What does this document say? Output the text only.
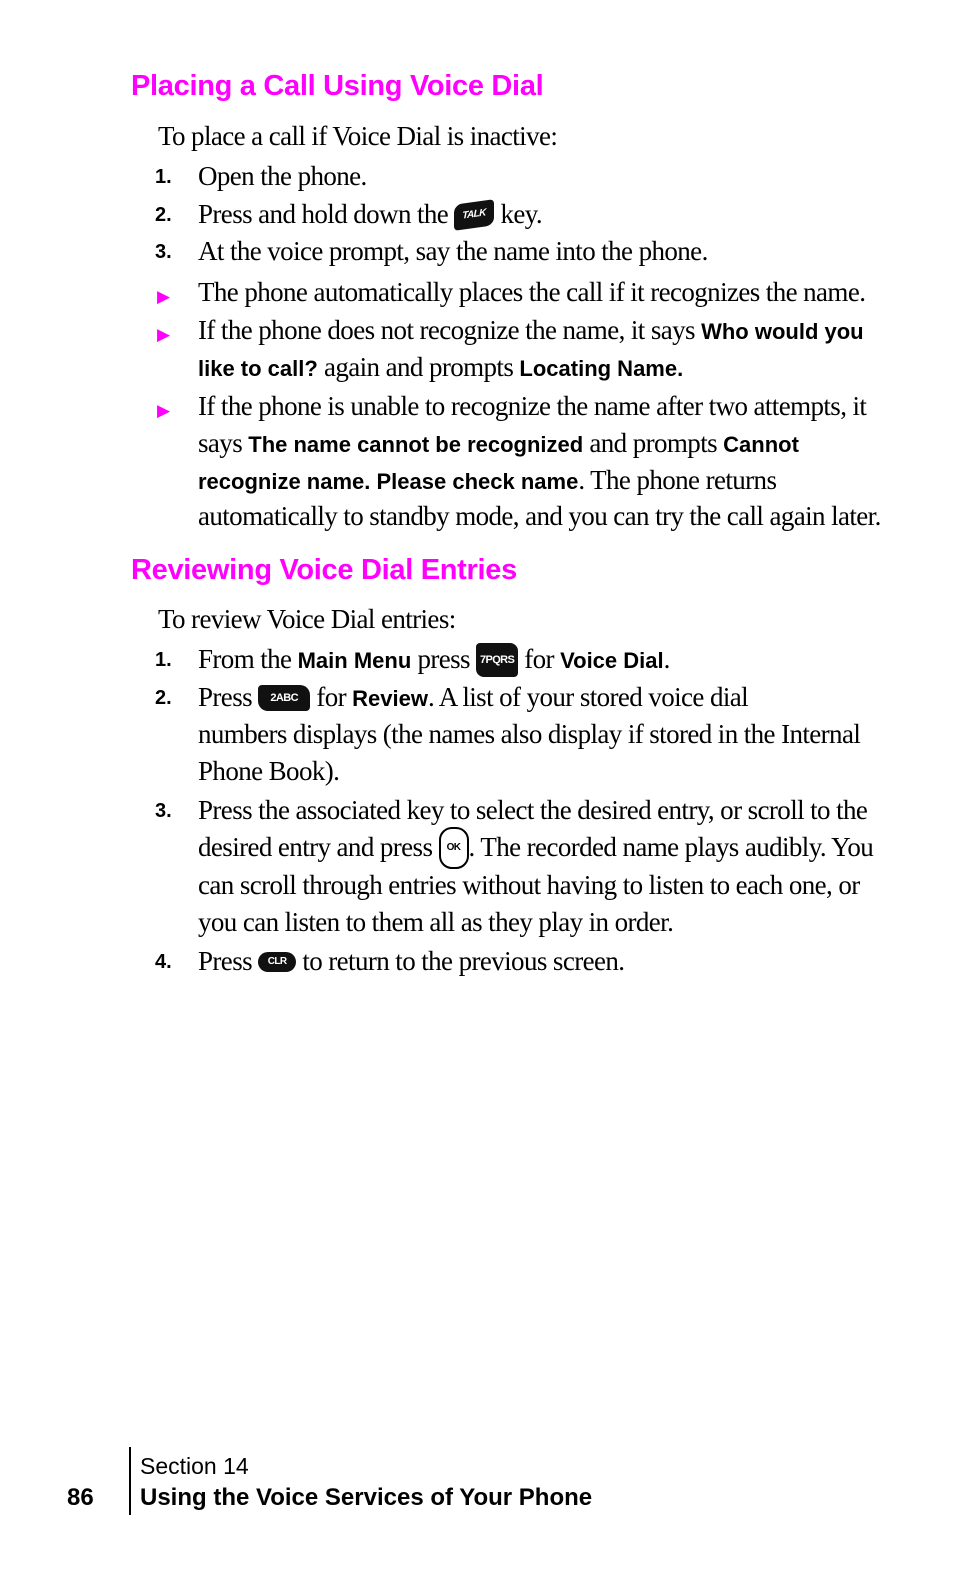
Placing a Call Using Voice Dial
To place a call if Voice Dial is inactive:
1. Open the phone.
2. Press and hold down the TALK key.
3. At the voice prompt, say the name into the phone.
▶ The phone automatically places the call if it recognizes the name.
▶ If the phone does not recognize the name, it says Who would you
like to call? again and prompts Locating Name.
▶ If the phone is unable to recognize the name after two attempts, it
says The name cannot be recognized and prompts Cannot
recognize name. Please check name. The phone returns
automatically to standby mode, and you can try the call again later.
Reviewing Voice Dial Entries
To review Voice Dial entries:
1. From the Main Menu press 7PQRS for Voice Dial.
2. Press 2ABC for Review. A list of your stored voice dial
numbers displays (the names also display if stored in the Internal
Phone Book).
3. Press the associated key to select the desired entry, or scroll to the
desired entry and press OK . The recorded name plays audibly. You
can scroll through entries without having to listen to each one, or
you can listen to them all as they play in order.
4. Press CLR to return to the previous screen.
86
Section 14
Using the Voice Services of Your Phone
